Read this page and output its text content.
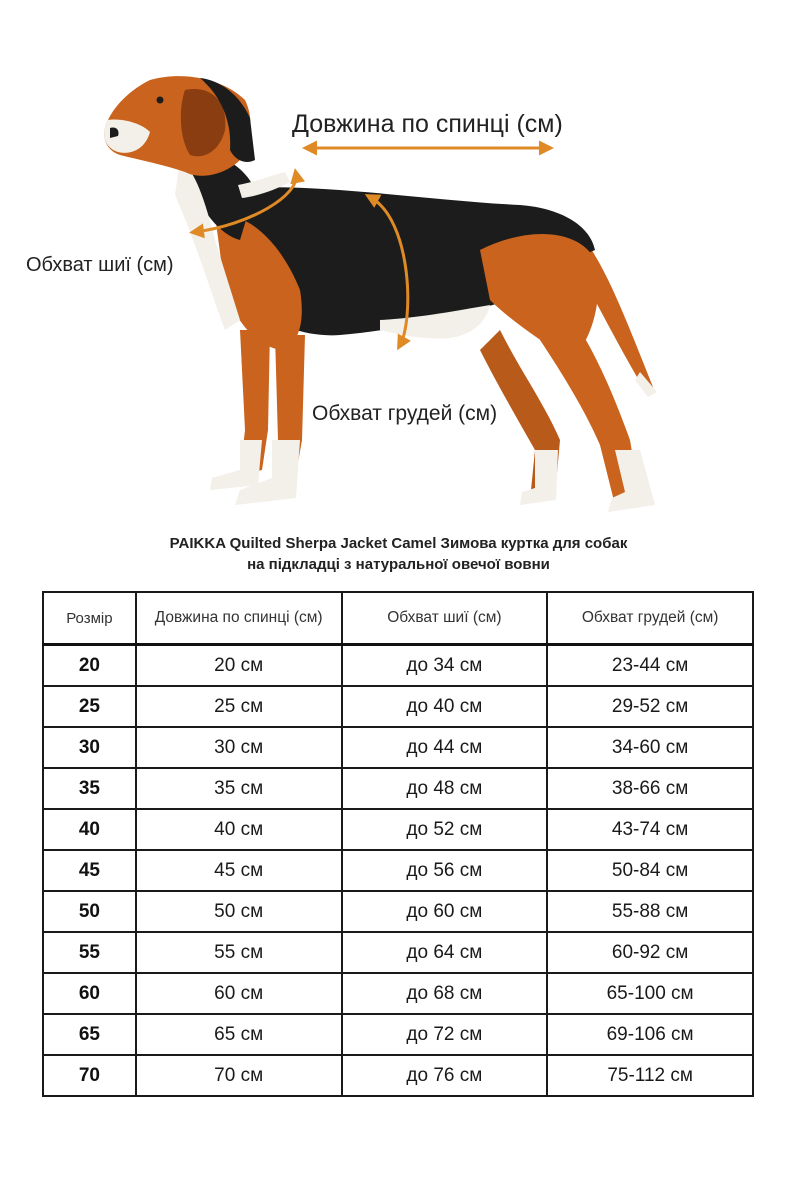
Довжина по спинці (см)
Обхват шиї (см)
Обхват грудей (см)
PAIKKA Quilted Sherpa Jacket Camel Зимова куртка для собак
на підкладці з натуральної овечої вовни
Розмір	Довжина по спинці (см)	Обхват шиї (см)	Обхват грудей (см)
20	20 см	до 34 см	23-44 см
25	25 см	до 40 см	29-52 см
30	30 см	до 44 см	34-60 см
35	35 см	до 48 см	38-66 см
40	40 см	до 52 см	43-74 см
45	45 см	до 56 см	50-84 см
50	50 см	до 60 см	55-88 см
55	55 см	до 64 см	60-92 см
60	60 см	до 68 см	65-100 см
65	65 см	до 72 см	69-106 см
70	70 см	до 76 см	75-112 см
